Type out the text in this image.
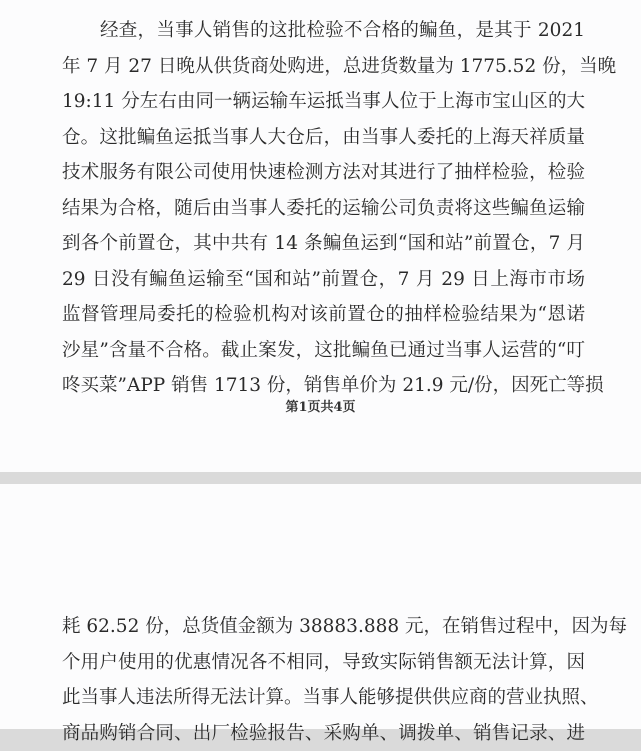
经查，当事人销售的这批检验不合格的鳊鱼，是其于 2021
年 7 月 27 日晚从供货商处购进，总进货数量为 1775.52 份，当晚
19:11 分左右由同一辆运输车运抵当事人位于上海市宝山区的大
仓。这批鳊鱼运抵当事人大仓后，由当事人委托的上海天祥质量
技术服务有限公司使用快速检测方法对其进行了抽样检验，检验
结果为合格，随后由当事人委托的运输公司负责将这些鳊鱼运输
到各个前置仓，其中共有 14 条鳊鱼运到“国和站”前置仓，7 月
29 日没有鳊鱼运输至“国和站”前置仓，7 月 29 日上海市市场
监督管理局委托的检验机构对该前置仓的抽样检验结果为“恩诺
沙星”含量不合格。截止案发，这批鳊鱼已通过当事人运营的“叮
咚买菜”APP 销售 1713 份，销售单价为 21.9 元/份，因死亡等损
第1页共4页
耗 62.52 份，总货值金额为 38883.888 元，在销售过程中，因为每
个用户使用的优惠情况各不相同，导致实际销售额无法计算，因
此当事人违法所得无法计算。当事人能够提供供应商的营业执照、
商品购销合同、出厂检验报告、采购单、调拨单、销售记录、进
